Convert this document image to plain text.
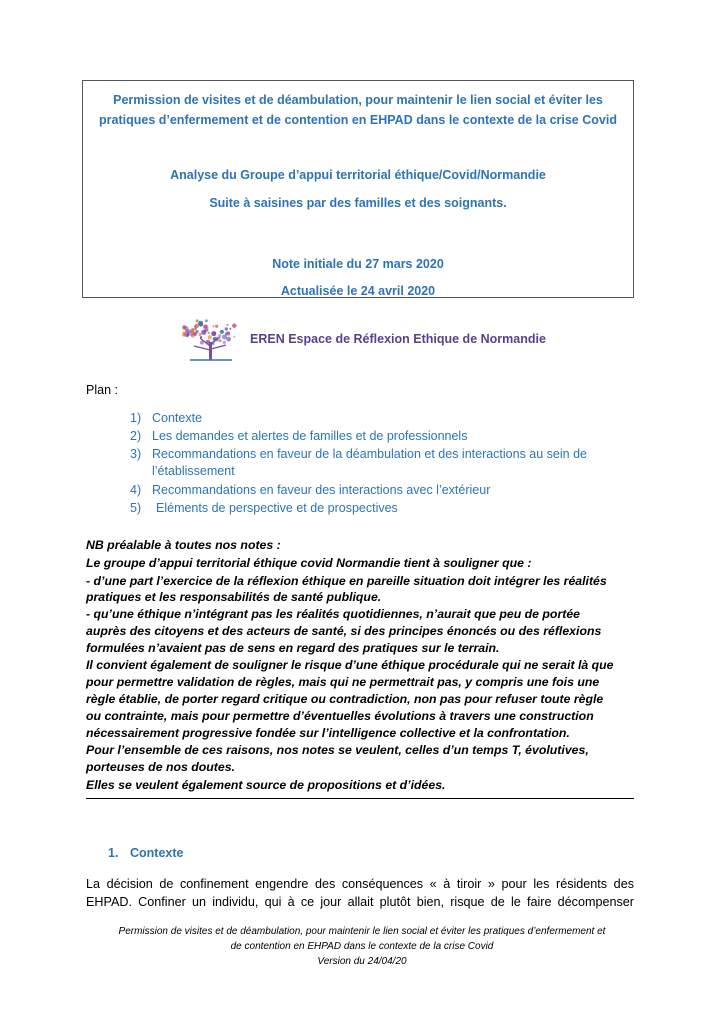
Permission de visites et de déambulation, pour maintenir le lien social et éviter les
pratiques d’enfermement et de contention en EHPAD dans le contexte de la crise Covid
Analyse du Groupe d’appui territorial éthique/Covid/Normandie
Suite à saisines par des familles et des soignants.
Note initiale du 27 mars 2020
Actualisée le 24 avril 2020
EREN Espace de Réflexion Ethique de Normandie
Plan :
1) Contexte
2) Les demandes et alertes de familles et de professionnels
3) Recommandations en faveur de la déambulation et des interactions au sein de
l’établissement
4) Recommandations en faveur des interactions avec l’extérieur
5) Eléments de perspective et de prospectives
NB préalable à toutes nos notes :
Le groupe d’appui territorial éthique covid Normandie tient à souligner que :
- d’une part l’exercice de la réflexion éthique en pareille situation doit intégrer les réalités
pratiques et les responsabilités de santé publique.
- qu’une éthique n’intégrant pas les réalités quotidiennes, n’aurait que peu de portée
auprès des citoyens et des acteurs de santé, si des principes énoncés ou des réflexions
formulées n’avaient pas de sens en regard des pratiques sur le terrain.
Il convient également de souligner le risque d’une éthique procédurale qui ne serait là que
pour permettre validation de règles, mais qui ne permettrait pas, y compris une fois une
règle établie, de porter regard critique ou contradiction, non pas pour refuser toute règle
ou contrainte, mais pour permettre d’éventuelles évolutions à travers une construction
nécessairement progressive fondée sur l’intelligence collective et la confrontation.
Pour l’ensemble de ces raisons, nos notes se veulent, celles d’un temps T, évolutives,
porteuses de nos doutes.
Elles se veulent également source de propositions et d’idées.
1. Contexte
La décision de confinement engendre des conséquences « à tiroir » pour les résidents des
EHPAD. Confiner un individu, qui à ce jour allait plutôt bien, risque de le faire décompenser
Permission de visites et de déambulation, pour maintenir le lien social et éviter les pratiques d’enfermement et
de contention en EHPAD dans le contexte de la crise Covid
Version du 24/04/20
